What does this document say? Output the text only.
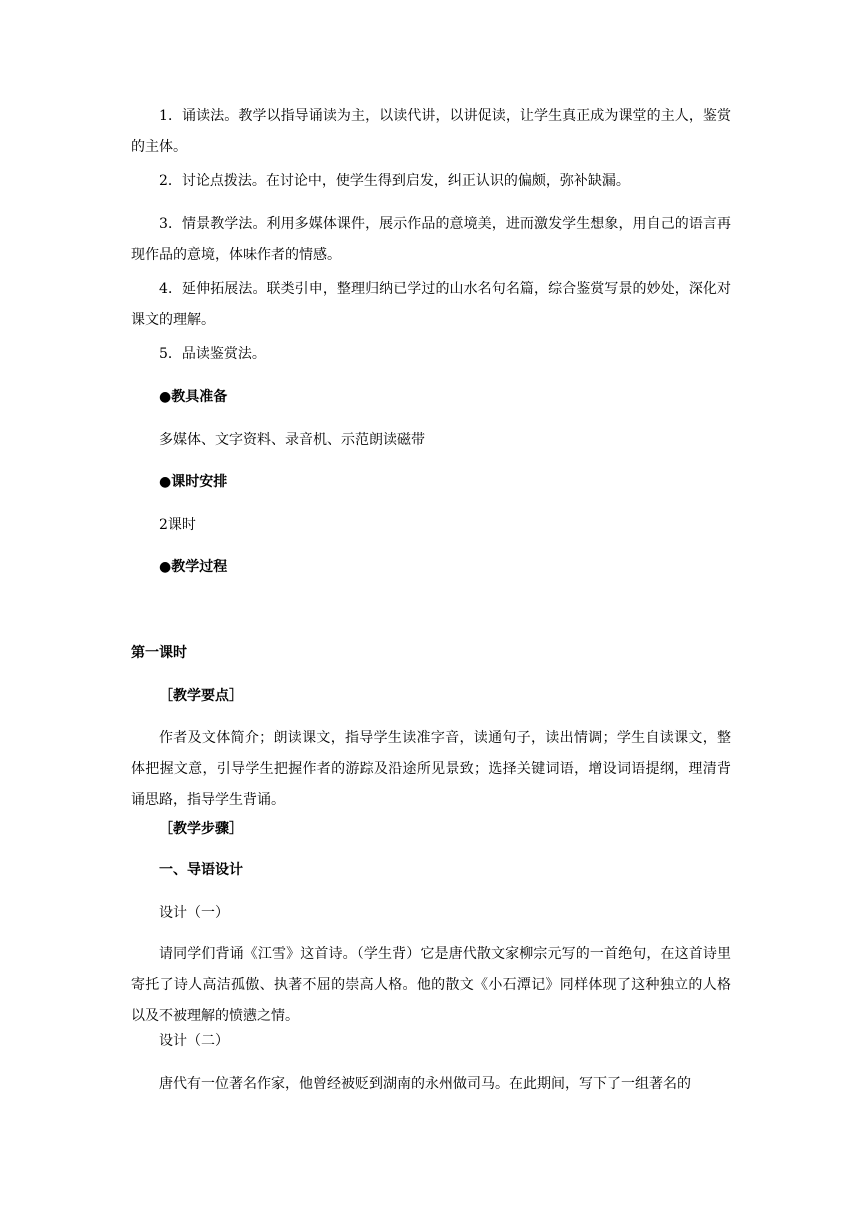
1．诵读法。教学以指导诵读为主，以读代讲，以讲促读，让学生真正成为课堂的主人，鉴赏的主体。

2．讨论点拨法。在讨论中，使学生得到启发，纠正认识的偏颇，弥补缺漏。

3．情景教学法。利用多媒体课件，展示作品的意境美，进而激发学生想象，用自己的语言再现作品的意境，体味作者的情感。

4．延伸拓展法。联类引申，整理归纳已学过的山水名句名篇，综合鉴赏写景的妙处，深化对课文的理解。

5．品读鉴赏法。

●教具准备

多媒体、文字资料、录音机、示范朗读磁带

●课时安排

2课时

●教学过程

第一课时

［教学要点］

作者及文体简介；朗读课文，指导学生读准字音，读通句子，读出情调；学生自读课文，整体把握文意，引导学生把握作者的游踪及沿途所见景致；选择关键词语，增设词语提纲，理清背诵思路，指导学生背诵。

［教学步骤］

一、导语设计

设计（一）

请同学们背诵《江雪》这首诗。（学生背）它是唐代散文家柳宗元写的一首绝句，在这首诗里寄托了诗人高洁孤傲、执著不屈的崇高人格。他的散文《小石潭记》同样体现了这种独立的人格以及不被理解的愤懑之情。

设计（二）

唐代有一位著名作家，他曾经被贬到湖南的永州做司马。在此期间，写下了一组著名的
